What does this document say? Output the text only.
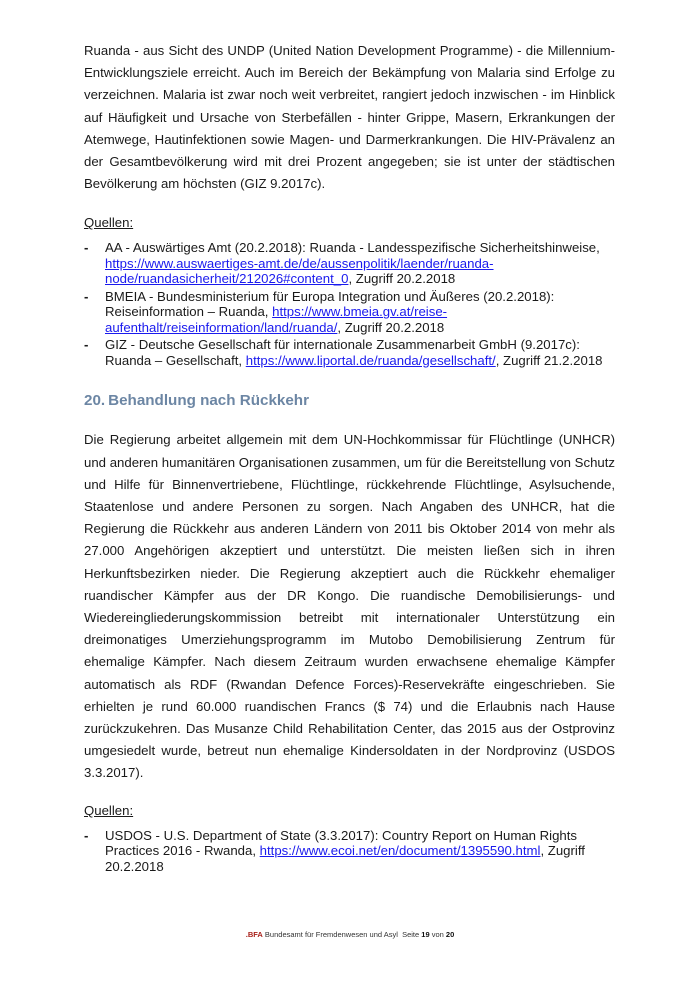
Ruanda - aus Sicht des UNDP (United Nation Development Programme) - die Millennium-Entwicklungsziele erreicht. Auch im Bereich der Bekämpfung von Malaria sind Erfolge zu verzeichnen. Malaria ist zwar noch weit verbreitet, rangiert jedoch inzwischen - im Hinblick auf Häufigkeit und Ursache von Sterbefällen - hinter Grippe, Masern, Erkrankungen der Atemwege, Hautinfektionen sowie Magen- und Darmerkrankungen. Die HIV-Prävalenz an der Gesamtbevölkerung wird mit drei Prozent angegeben; sie ist unter der städtischen Bevölkerung am höchsten (GIZ 9.2017c).

Quellen:

- AA - Auswärtiges Amt (20.2.2018): Ruanda - Landesspezifische Sicherheitshinweise, https://www.auswaertiges-amt.de/de/aussenpolitik/laender/ruanda-node/ruandasicherheit/212026#content_0, Zugriff 20.2.2018
- BMEIA - Bundesministerium für Europa Integration und Äußeres (20.2.2018): Reiseinformation – Ruanda, https://www.bmeia.gv.at/reise-aufenthalt/reiseinformation/land/ruanda/, Zugriff 20.2.2018
- GIZ - Deutsche Gesellschaft für internationale Zusammenarbeit GmbH (9.2017c): Ruanda – Gesellschaft, https://www.liportal.de/ruanda/gesellschaft/, Zugriff 21.2.2018
20. Behandlung nach Rückkehr

Die Regierung arbeitet allgemein mit dem UN-Hochkommissar für Flüchtlinge (UNHCR) und anderen humanitären Organisationen zusammen, um für die Bereitstellung von Schutz und Hilfe für Binnenvertriebene, Flüchtlinge, rückkehrende Flüchtlinge, Asylsuchende, Staatenlose und andere Personen zu sorgen. Nach Angaben des UNHCR, hat die Regierung die Rückkehr aus anderen Ländern von 2011 bis Oktober 2014 von mehr als 27.000 Angehörigen akzeptiert und unterstützt. Die meisten ließen sich in ihren Herkunftsbezirken nieder. Die Regierung akzeptiert auch die Rückkehr ehemaliger ruandischer Kämpfer aus der DR Kongo. Die ruandische Demobilisierungs- und Wiedereingliederungskommission betreibt mit internationaler Unterstützung ein dreimonatiges Umerziehungsprogramm im Mutobo Demobilisierung Zentrum für ehemalige Kämpfer. Nach diesem Zeitraum wurden erwachsene ehemalige Kämpfer automatisch als RDF (Rwandan Defence Forces)-Reservekräfte eingeschrieben. Sie erhielten je rund 60.000 ruandischen Francs ($ 74) und die Erlaubnis nach Hause zurückzukehren. Das Musanze Child Rehabilitation Center, das 2015 aus der Ostprovinz umgesiedelt wurde, betreut nun ehemalige Kindersoldaten in der Nordprovinz (USDOS 3.3.2017).

Quellen:

- USDOS - U.S. Department of State (3.3.2017): Country Report on Human Rights Practices 2016 - Rwanda, https://www.ecoi.net/en/document/1395590.html, Zugriff 20.2.2018
.BFA Bundesamt für Fremdenwesen und Asyl Seite 19 von 20
